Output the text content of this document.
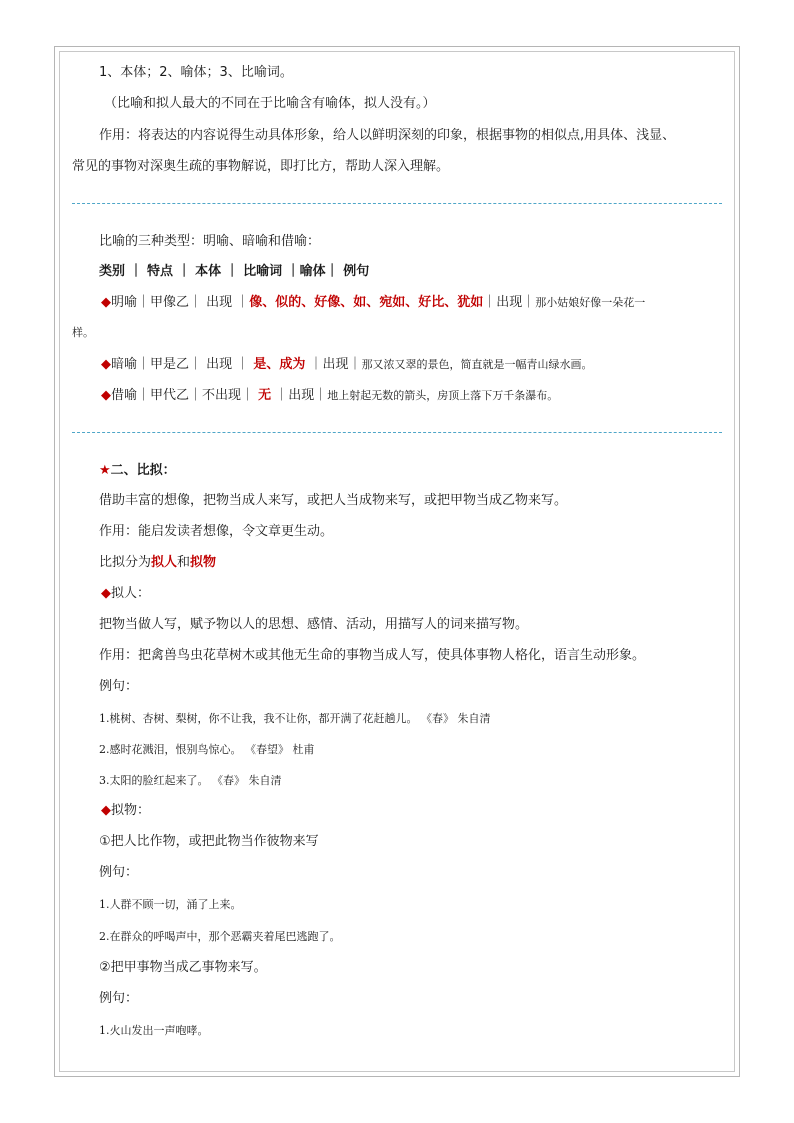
1、本体；2、喻体；3、比喻词。
（比喻和拟人最大的不同在于比喻含有喻体，拟人没有。）
作用：将表达的内容说得生动具体形象，给人以鲜明深刻的印象，根据事物的相似点,用具体、浅显、
常见的事物对深奥生疏的事物解说，即打比方，帮助人深入理解。
比喻的三种类型：明喻、暗喻和借喻：
类别 ｜ 特点 ｜ 本体 ｜ 比喻词 ｜喻体｜ 例句
◆明喻｜甲像乙｜ 出现 ｜像、似的、好像、如、宛如、好比、犹如｜出现｜那小姑娘好像一朵花一
样。
◆暗喻｜甲是乙｜ 出现 ｜ 是、成为 ｜出现｜那又浓又翠的景色，简直就是一幅青山绿水画。
◆借喻｜甲代乙｜不出现｜ 无 ｜出现｜地上射起无数的箭头，房顶上落下万千条瀑布。
★二、比拟：
借助丰富的想像，把物当成人来写，或把人当成物来写，或把甲物当成乙物来写。
作用：能启发读者想像，令文章更生动。
比拟分为拟人和拟物
◆拟人：
把物当做人写，赋予物以人的思想、感情、活动，用描写人的词来描写物。
作用：把禽兽鸟虫花草树木或其他无生命的事物当成人写，使具体事物人格化，语言生动形象。
例句：
1.桃树、杏树、梨树，你不让我，我不让你，都开满了花赶趟儿。 《春》 朱自清
2.感时花溅泪，恨别鸟惊心。 《春望》 杜甫
3.太阳的脸红起来了。 《春》 朱自清
◆拟物：
①把人比作物，或把此物当作彼物来写
例句：
1.人群不顾一切，涌了上来。
2.在群众的呼喝声中，那个恶霸夹着尾巴逃跑了。
②把甲事物当成乙事物来写。
例句：
1.火山发出一声咆哮。
